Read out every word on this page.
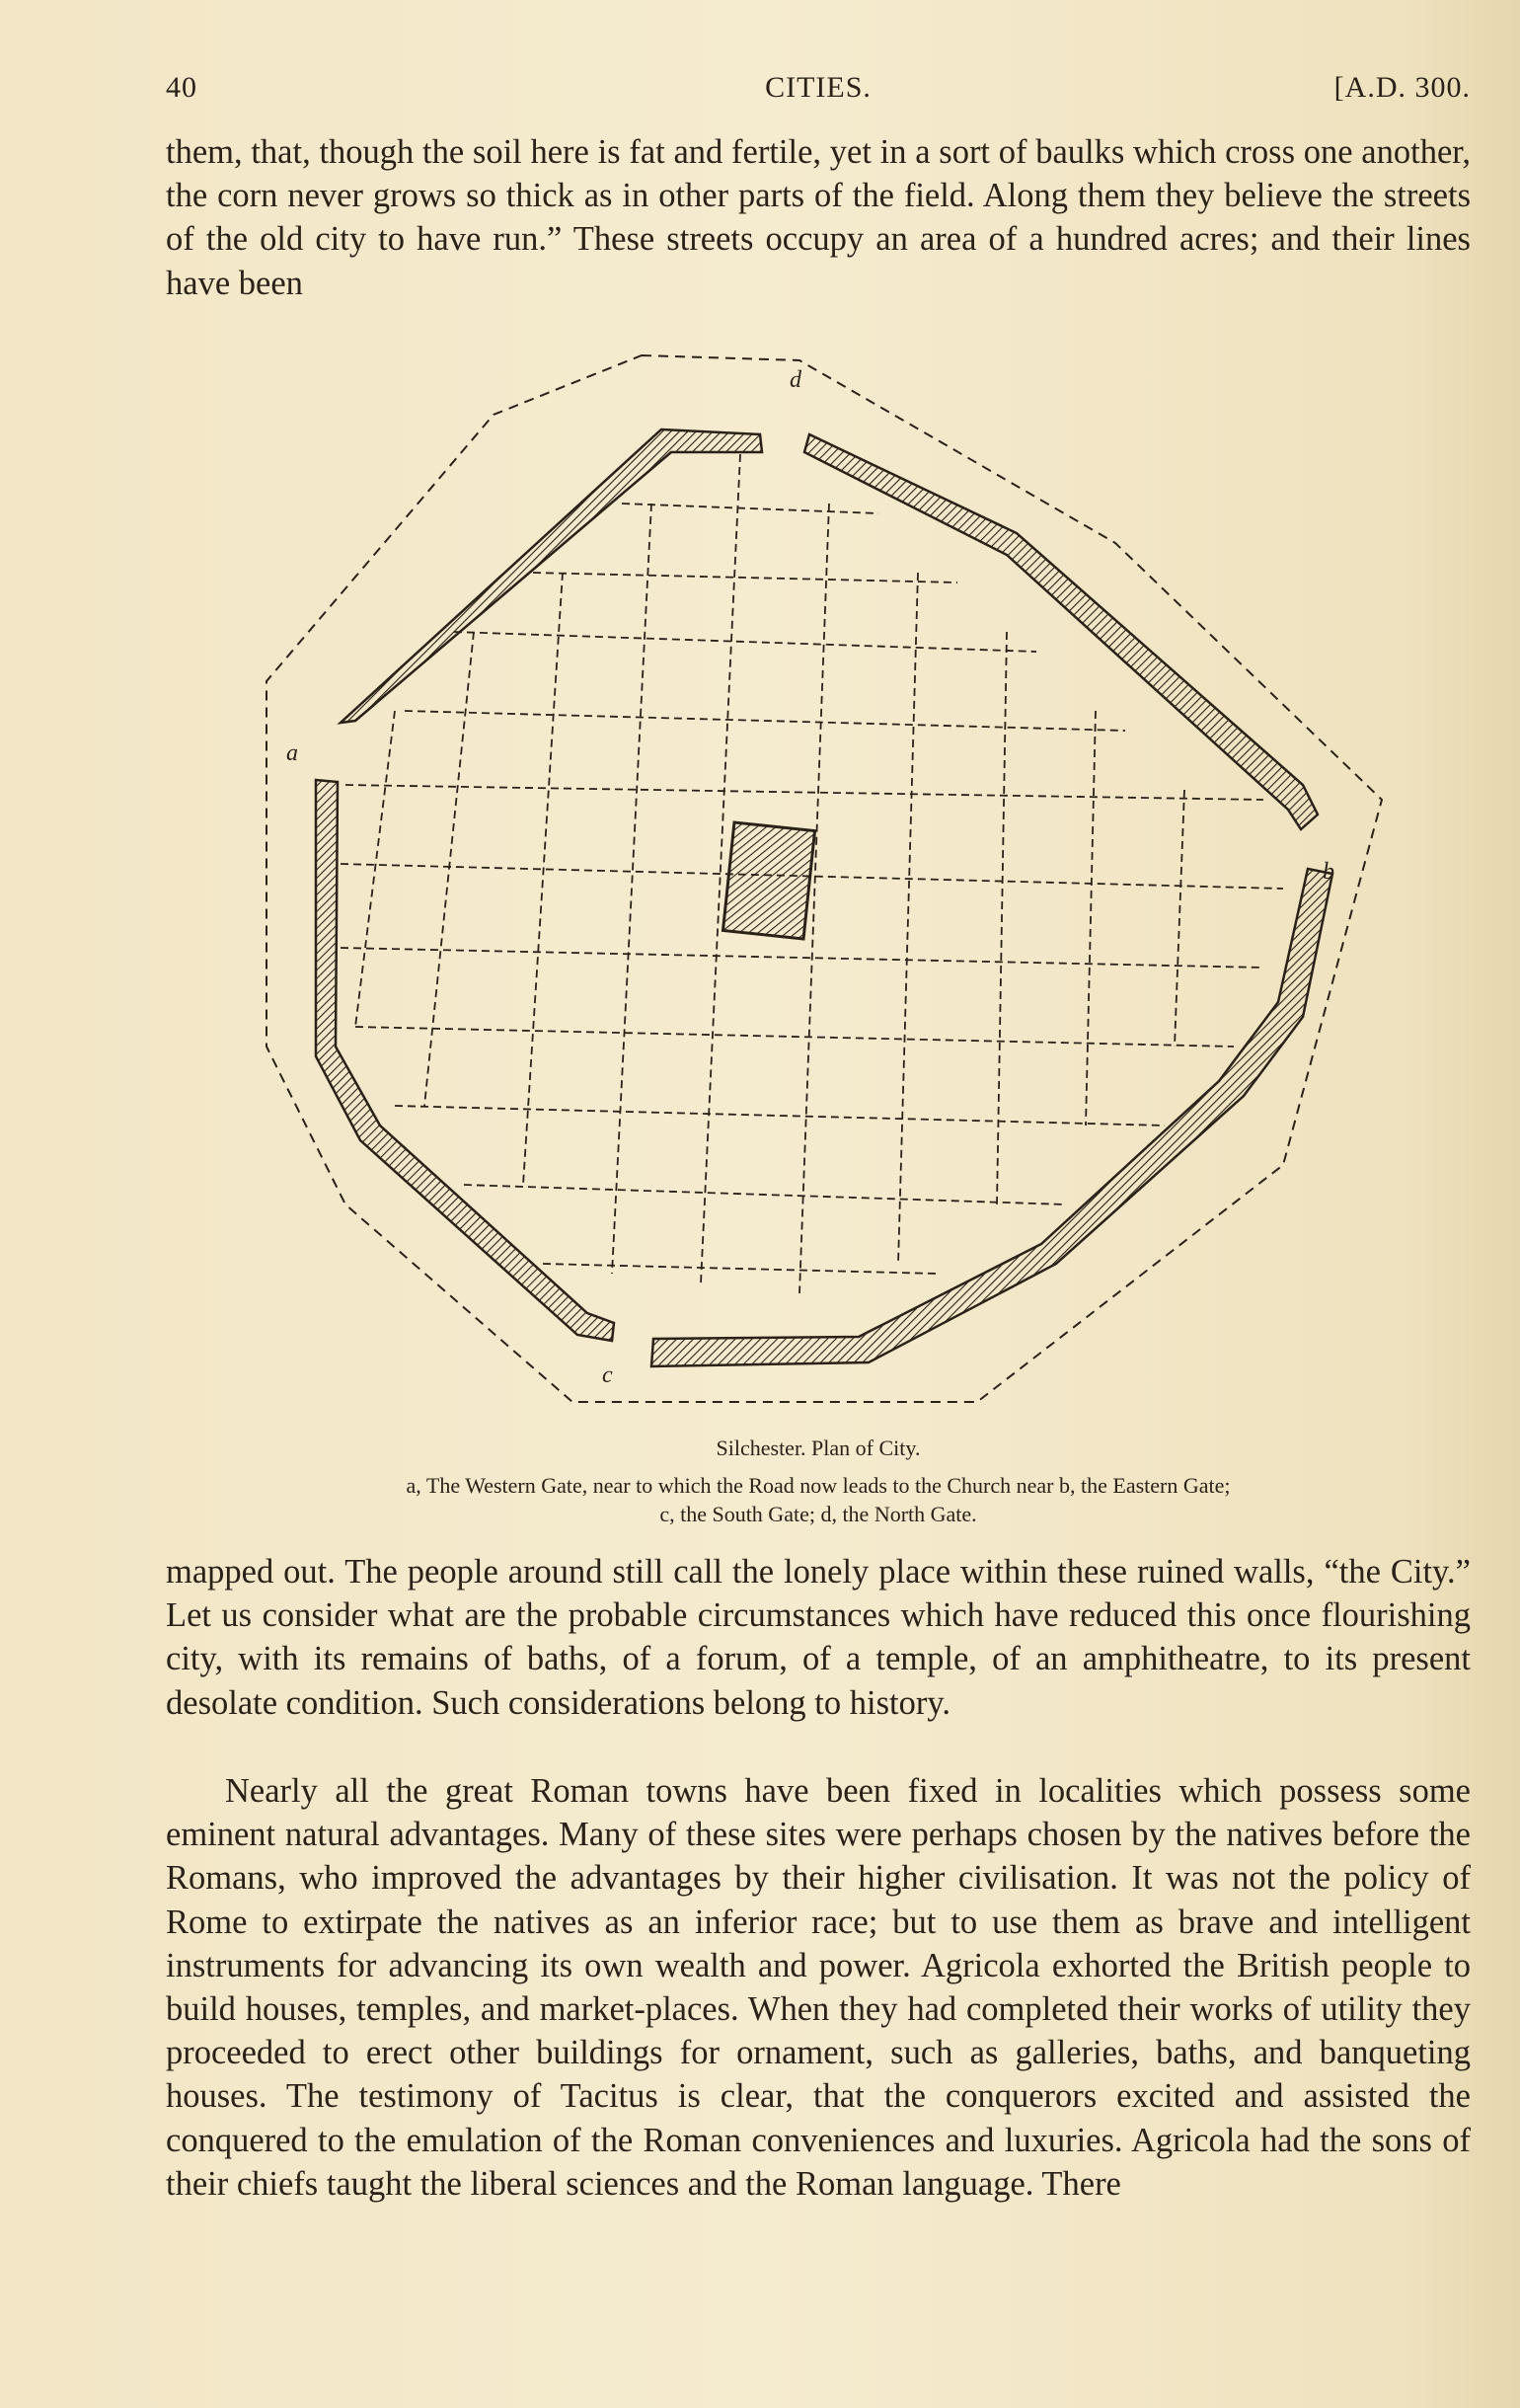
40	CITIES.	[A.D. 300.

them, that, though the soil here is fat and fertile, yet in a sort of baulks which cross one another, the corn never grows so thick as in other parts of the field. Along them they believe the streets of the old city to have run.” These streets occupy an area of a hundred acres; and their lines have been

d
a
b
c
Silchester. Plan of City.
a, The Western Gate, near to which the Road now leads to the Church near b, the Eastern Gate;
c, the South Gate; d, the North Gate.

mapped out. The people around still call the lonely place within these ruined walls, “the City.” Let us consider what are the probable circumstances which have reduced this once flourishing city, with its remains of baths, of a forum, of a temple, of an amphitheatre, to its present desolate condition. Such considerations belong to history.

Nearly all the great Roman towns have been fixed in localities which possess some eminent natural advantages. Many of these sites were perhaps chosen by the natives before the Romans, who improved the advantages by their higher civilisation. It was not the policy of Rome to extirpate the natives as an inferior race; but to use them as brave and intelligent instruments for advancing its own wealth and power. Agricola exhorted the British people to build houses, temples, and market-places. When they had completed their works of utility they proceeded to erect other buildings for ornament, such as galleries, baths, and banqueting houses. The testimony of Tacitus is clear, that the conquerors excited and assisted the conquered to the emulation of the Roman conveniences and luxuries. Agricola had the sons of their chiefs taught the liberal sciences and the Roman language. There
